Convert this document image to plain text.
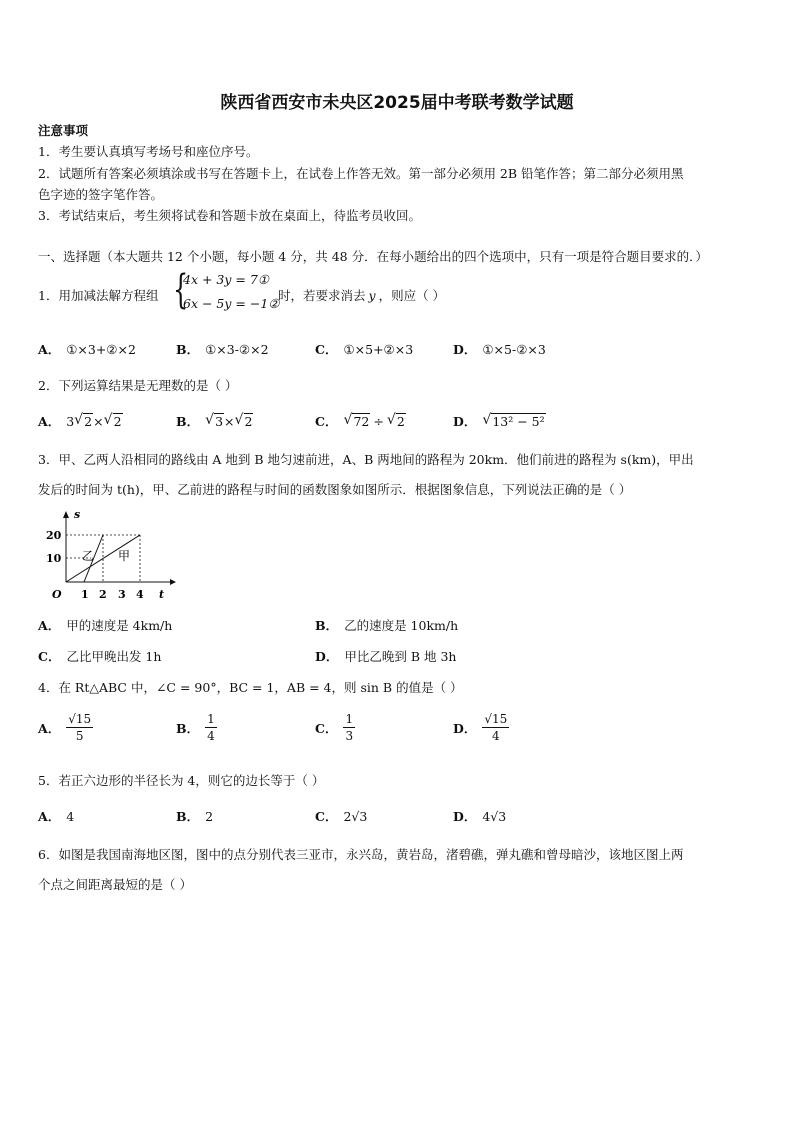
陕西省西安市未央区2025届中考联考数学试题
注意事项
1．考生要认真填写考场号和座位序号。
2．试题所有答案必须填涂或书写在答题卡上，在试卷上作答无效。第一部分必须用 2B 铅笔作答；第二部分必须用黑
色字迹的签字笔作答。
3．考试结束后，考生须将试卷和答题卡放在桌面上，待监考员收回。
一、选择题（本大题共 12 个小题，每小题 4 分，共 48 分．在每小题给出的四个选项中，只有一项是符合题目要求的．）
1．用加减法解方程组 {
4x + 3y = 7①
6x − 5y = −1②
时，若要求消去 y ，则应（ ）
A． ①×3+②×2	B． ①×3-②×2	C． ①×5+②×3	D． ①×5-②×3
2．下列运算结果是无理数的是（ ）
A． 3 √ 2× √ 2	B． √ 3× √ 2	C． √ 72 ÷ √ 2	D． √ 13² − 5²
3．甲、乙两人沿相同的路线由 A 地到 B 地匀速前进，A、B 两地间的路程为 20km．他们前进的路程为 s(km)，甲出
发后的时间为 t(h)，甲、乙前进的路程与时间的函数图象如图所示．根据图象信息，下列说法正确的是（ ）
s
t
O
20
10
1 2 3 4
乙 甲
A． 甲的速度是 4km/h	B． 乙的速度是 10km/h
C． 乙比甲晚出发 1h	D． 甲比乙晚到 B 地 3h
4．在 Rt△ABC 中，∠C = 90°，BC = 1，AB = 4，则 sin B 的值是（ ）
A． $\frac{√15}{5}$	B． $\frac{1}{4}$	C． $\frac{1}{3}$	D． $\frac{√15}{4}$
5．若正六边形的半径长为 4，则它的边长等于（ ）
A． 4	B． 2	C． 2√3	D． 4√3
6．如图是我国南海地区图，图中的点分别代表三亚市，永兴岛，黄岩岛，渚碧礁，弹丸礁和曾母暗沙，该地区图上两
个点之间距离最短的是（ ）
